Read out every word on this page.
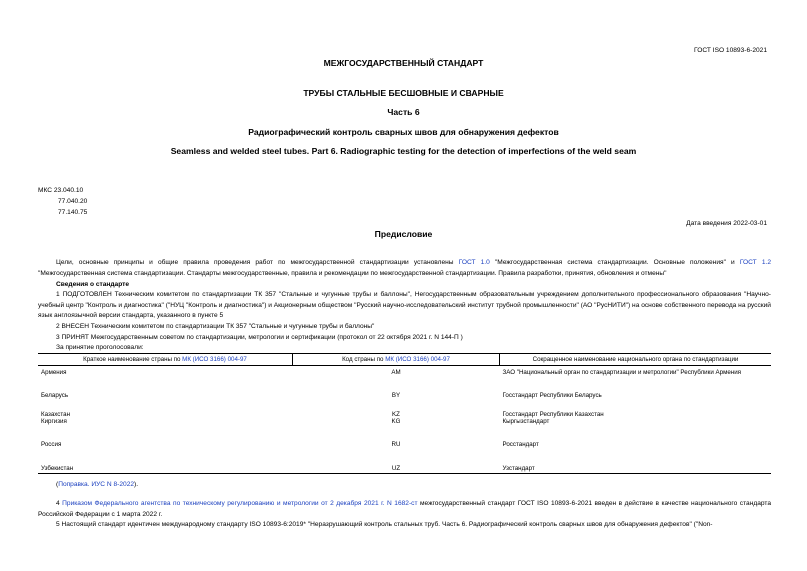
ГОСТ ISO 10893-6-2021
МЕЖГОСУДАРСТВЕННЫЙ СТАНДАРТ
ТРУБЫ СТАЛЬНЫЕ БЕСШОВНЫЕ И СВАРНЫЕ
Часть 6
Радиографический контроль сварных швов для обнаружения дефектов
Seamless and welded steel tubes. Part 6. Radiographic testing for the detection of imperfections of the weld seam
МКС 23.040.10
77.040.20
77.140.75
Дата введения 2022-03-01
Предисловие
Цели, основные принципы и общие правила проведения работ по межгосударственной стандартизации установлены ГОСТ 1.0 "Межгосударственная система стандартизации. Основные положения" и ГОСТ 1.2 "Межгосударственная система стандартизации. Стандарты межгосударственные, правила и рекомендации по межгосударственной стандартизации. Правила разработки, принятия, обновления и отмены"
Сведения о стандарте
1 ПОДГОТОВЛЕН Техническим комитетом по стандартизации ТК 357 "Стальные и чугунные трубы и баллоны", Негосударственным образовательным учреждением дополнительного профессионального образования "Научно-учебный центр "Контроль и диагностика" ("НУЦ "Контроль и диагностика") и Акционерным обществом "Русский научно-исследовательский институт трубной промышленности" (АО "РусНИТИ") на основе собственного перевода на русский язык англоязычной версии стандарта, указанного в пункте 5
2 ВНЕСЕН Техническим комитетом по стандартизации ТК 357 "Стальные и чугунные трубы и баллоны"
3 ПРИНЯТ Межгосударственным советом по стандартизации, метрологии и сертификации (протокол от 22 октября 2021 г. N 144-П )
За принятие проголосовали:
Краткое наименование страны по МК (ИСО 3166) 004-97	Код страны по МК (ИСО 3166) 004-97	Сокращенное наименование национального органа по стандартизации
Армения	AM	ЗАО "Национальный орган по стандартизации и метрологии" Республики Армения
Беларусь	BY	Госстандарт Республики Беларусь
Казахстан	KZ	Госстандарт Республики Казахстан
Киргизия	KG	Кыргызстандарт
Россия	RU	Росстандарт
Узбекистан	UZ	Узстандарт
(Поправка. ИУС N 8-2022).
4 Приказом Федерального агентства по техническому регулированию и метрологии от 2 декабря 2021 г. N 1682-ст межгосударственный стандарт ГОСТ ISO 10893-6-2021 введен в действие в качестве национального стандарта Российской Федерации с 1 марта 2022 г.
5 Настоящий стандарт идентичен международному стандарту ISO 10893-6:2019* "Неразрушающий контроль стальных труб. Часть 6. Радиографический контроль сварных швов для обнаружения дефектов" ("Non-
